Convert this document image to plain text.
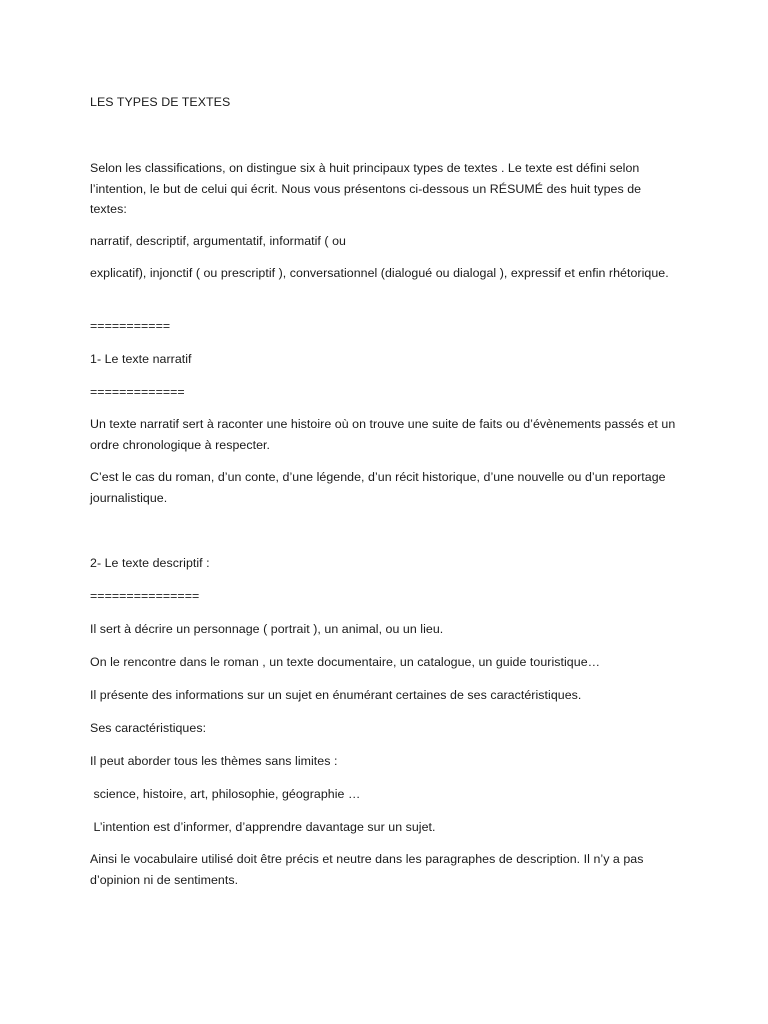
LES TYPES DE TEXTES

Selon les classifications, on distingue six à huit principaux types de textes . Le texte est défini selon l’intention, le but de celui qui écrit. Nous vous présentons ci-dessous un RÉSUMÉ des huit types de textes:

narratif, descriptif, argumentatif, informatif ( ou

explicatif), injonctif ( ou prescriptif ), conversationnel (dialogué ou dialogal ), expressif et enfin rhétorique.

===========

1- Le texte narratif

=============

Un texte narratif sert à raconter une histoire où on trouve une suite de faits ou d’évènements passés et un ordre chronologique à respecter.

C’est le cas du roman, d’un conte, d’une légende, d’un récit historique, d’une nouvelle ou d’un reportage journalistique.

2- Le texte descriptif :

===============

Il sert à décrire un personnage ( portrait ), un animal, ou un lieu.

On le rencontre dans le roman , un texte documentaire, un catalogue, un guide touristique…

Il présente des informations sur un sujet en énumérant certaines de ses caractéristiques.

Ses caractéristiques:

Il peut aborder tous les thèmes sans limites :

science, histoire, art, philosophie, géographie …

L’intention est d’informer, d’apprendre davantage sur un sujet.

Ainsi le vocabulaire utilisé doit être précis et neutre dans les paragraphes de description. Il n’y a pas d’opinion ni de sentiments.
